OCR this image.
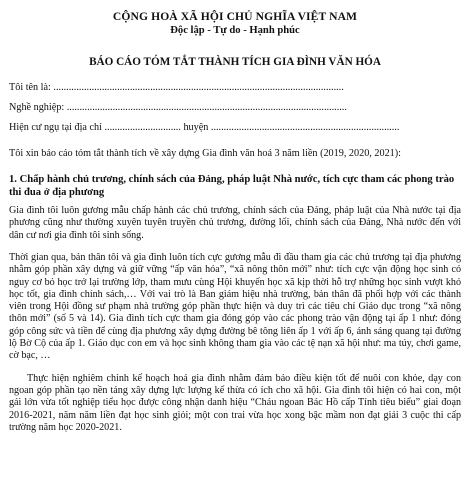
CỘNG HOÀ XÃ HỘI CHỦ NGHĨA VIỆT NAM
Độc lập - Tự do - Hạnh phúc
BÁO CÁO TÓM TẮT THÀNH TÍCH GIA ĐÌNH VĂN HÓA
Tôi tên là: ..................................................................................................................
Nghề nghiệp: ..............................................................................................................
Hiện cư ngụ tại địa chỉ .............................. huyện ..........................................................................
Tôi xin báo cáo tóm tắt thành tích về xây dựng Gia đình văn hoá 3 năm liền (2019, 2020, 2021):
1. Chấp hành chủ trương, chính sách của Đảng, pháp luật Nhà nước, tích cực tham các phong trào thi đua ở địa phương

Gia đình tôi luôn gương mẫu chấp hành các chủ trương, chính sách của Đảng, pháp luật của Nhà nước tại địa phương cũng như thường xuyên tuyên truyền chủ trương, đường lối, chính sách của Đảng, Nhà nước đến với dân cư nơi gia đình tôi sinh sống.

Thời gian qua, bản thân tôi và gia đình luôn tích cực gương mẫu đi đầu tham gia các chủ trương tại địa phương nhằm góp phần xây dựng và giữ vững “ấp văn hóa”, “xã nông thôn mới” như: tích cực vận động học sinh có nguy cơ bỏ học trở lại trường lớp, tham mưu cùng Hội khuyến học xã kịp thời hỗ trợ những học sinh vượt khó học tốt, gia đình chính sách,… Với vai trò là Ban giám hiệu nhà trường, bản thân đã phối hợp với các thành viên trong Hội đồng sư phạm nhà trường góp phần thực hiện và duy trì các tiêu chí Giáo dục trong “xã nông thôn mới” (số 5 và 14). Gia đình tích cực tham gia đóng góp vào các phong trào vận động tại ấp 1 như: đóng góp công sức và tiền để cùng địa phương xây dựng đường bê tông liên ấp 1 với ấp 6, ánh sáng quang tại đường lộ Bờ Cộ của ấp 1. Giáo dục con em và học sinh không tham gia vào các tệ nạn xã hội như: ma túy, chơi game, cờ bạc, …

Thực hiện nghiêm chỉnh kế hoạch hoá gia đình nhằm đảm bảo điều kiện tốt để nuôi con khỏe, dạy con ngoan góp phần tạo nền tảng xây dựng lực lượng kế thừa có ích cho xã hội. Gia đình tôi hiện có hai con, một gái lớn vừa tốt nghiệp tiểu học được công nhận danh hiệu “Cháu ngoan Bác Hồ cấp Tỉnh tiêu biểu” giai đoạn 2016-2021, năm năm liền đạt học sinh giỏi; một con trai vừa học xong bậc mầm non đạt giải 3 cuộc thi cấp trường năm học 2020-2021.
